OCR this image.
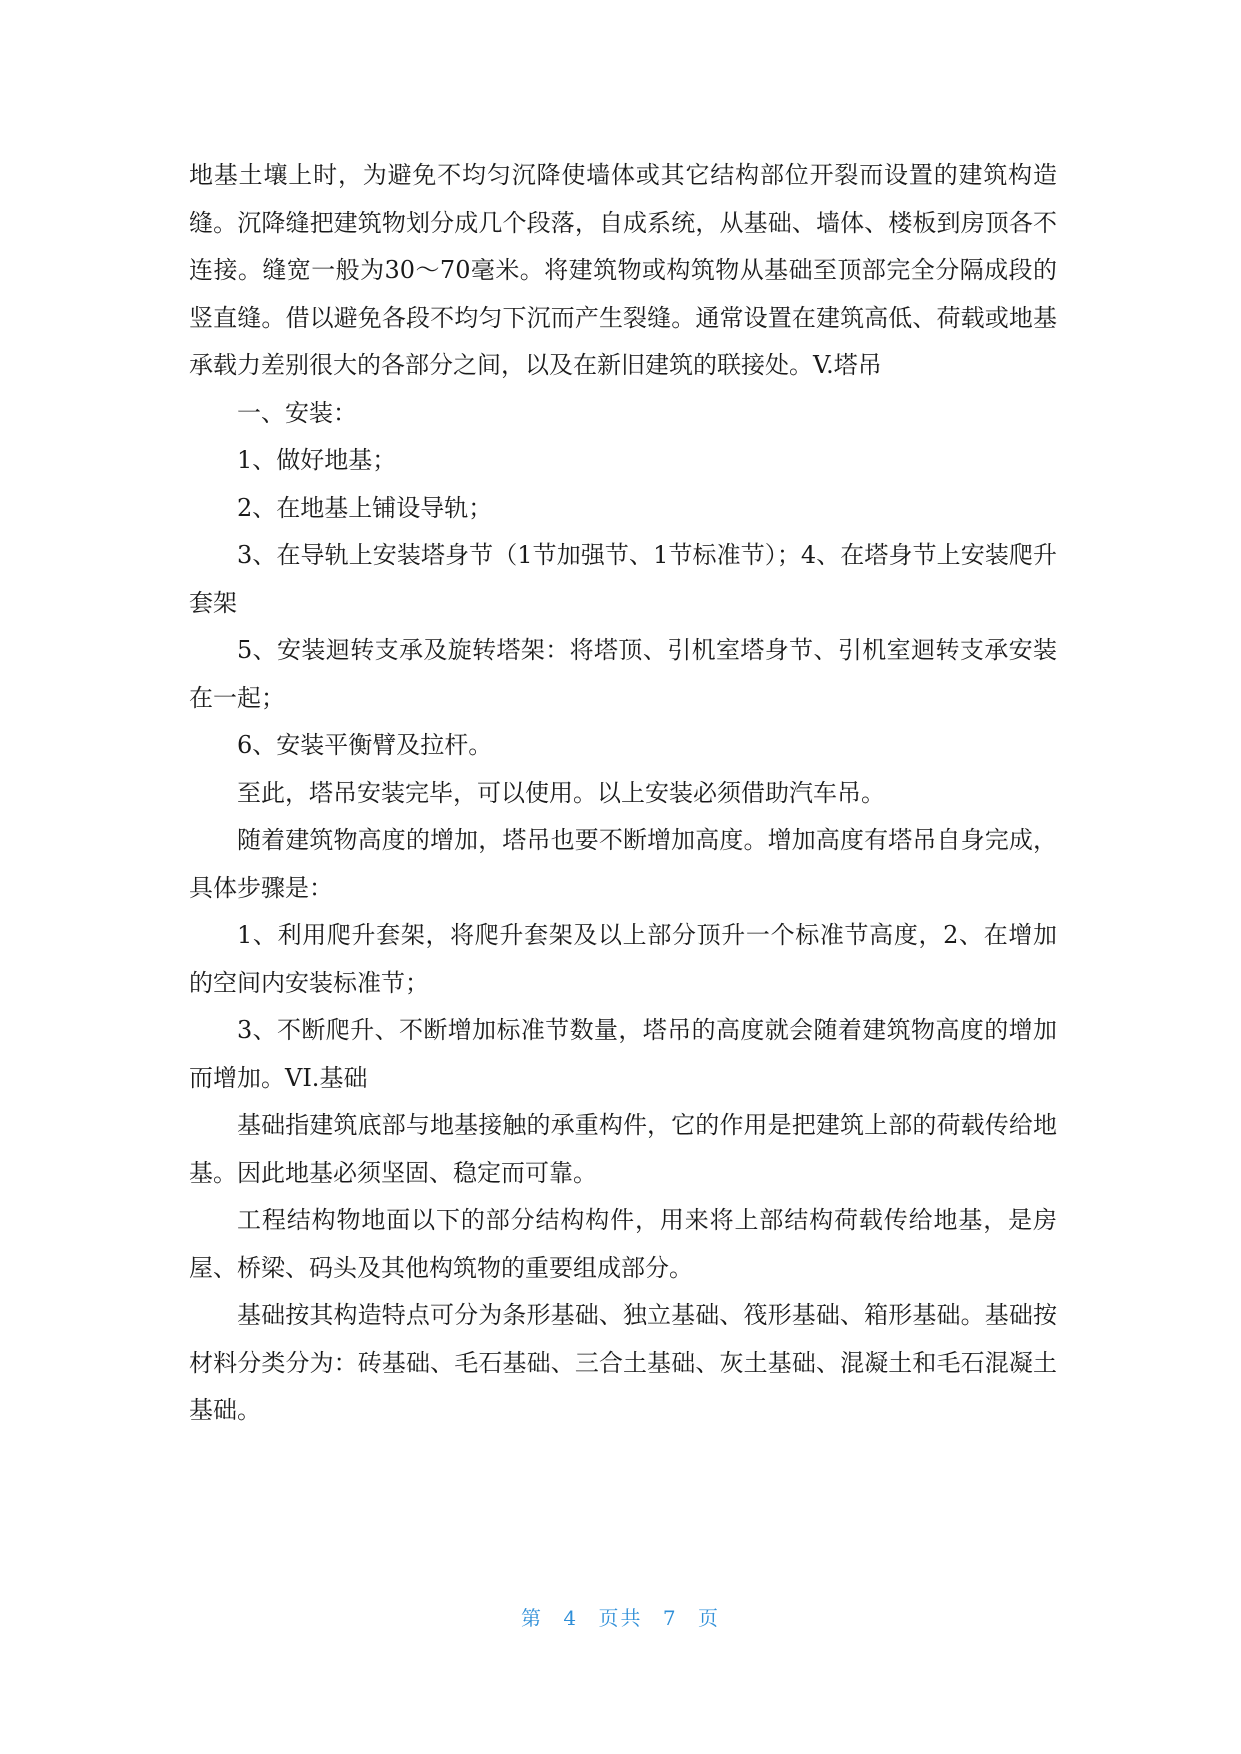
地基土壤上时，为避免不均匀沉降使墙体或其它结构部位开裂而设置的建筑构造缝。沉降缝把建筑物划分成几个段落，自成系统，从基础、墙体、楼板到房顶各不连接。缝宽一般为30～70毫米。将建筑物或构筑物从基础至顶部完全分隔成段的竖直缝。借以避免各段不均匀下沉而产生裂缝。通常设置在建筑高低、荷载或地基承载力差别很大的各部分之间，以及在新旧建筑的联接处。V.塔吊

一、安装：

1、做好地基；

2、在地基上铺设导轨；

3、在导轨上安装塔身节（1节加强节、1节标准节）；4、在塔身节上安装爬升套架

5、安装迴转支承及旋转塔架：将塔顶、引机室塔身节、引机室迴转支承安装在一起；

6、安装平衡臂及拉杆。

至此，塔吊安装完毕，可以使用。以上安装必须借助汽车吊。

随着建筑物高度的增加，塔吊也要不断增加高度。增加高度有塔吊自身完成，具体步骤是：

1、利用爬升套架，将爬升套架及以上部分顶升一个标准节高度，2、在增加的空间内安装标准节；

3、不断爬升、不断增加标准节数量，塔吊的高度就会随着建筑物高度的增加而增加。VI.基础

基础指建筑底部与地基接触的承重构件，它的作用是把建筑上部的荷载传给地基。因此地基必须坚固、稳定而可靠。

工程结构物地面以下的部分结构构件，用来将上部结构荷载传给地基，是房屋、桥梁、码头及其他构筑物的重要组成部分。

基础按其构造特点可分为条形基础、独立基础、筏形基础、箱形基础。基础按材料分类分为：砖基础、毛石基础、三合土基础、灰土基础、混凝土和毛石混凝土基础。

第 4 页共 7 页
